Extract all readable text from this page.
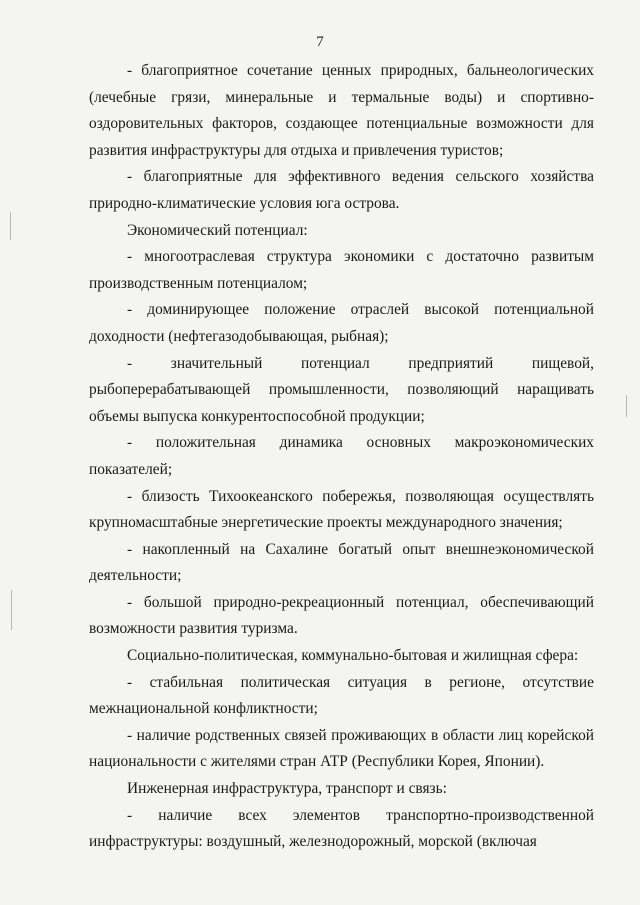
7

- благоприятное сочетание ценных природных, бальнеологических (лечебные грязи, минеральные и термальные воды) и спортивно-оздоровительных факторов, создающее потенциальные возможности для развития инфраструктуры для отдыха и привлечения туристов;

- благоприятные для эффективного ведения сельского хозяйства природно-климатические условия юга острова.

Экономический потенциал:

- многоотраслевая структура экономики с достаточно развитым производственным потенциалом;

- доминирующее положение отраслей высокой потенциальной доходности (нефтегазодобывающая, рыбная);

- значительный потенциал предприятий пищевой, рыбоперерабатывающей промышленности, позволяющий наращивать объемы выпуска конкурентоспособной продукции;

- положительная динамика основных макроэкономических показателей;

- близость Тихоокеанского побережья, позволяющая осуществлять крупномасштабные энергетические проекты международного значения;

- накопленный на Сахалине богатый опыт внешнеэкономической деятельности;

- большой природно-рекреационный потенциал, обеспечивающий возможности развития туризма.

Социально-политическая, коммунально-бытовая и жилищная сфера:

- стабильная политическая ситуация в регионе, отсутствие межнациональной конфликтности;

- наличие родственных связей проживающих в области лиц корейской национальности с жителями стран АТР (Республики Корея, Японии).

Инженерная инфраструктура, транспорт и связь:

- наличие всех элементов транспортно-производственной инфраструктуры: воздушный, железнодорожный, морской (включая
